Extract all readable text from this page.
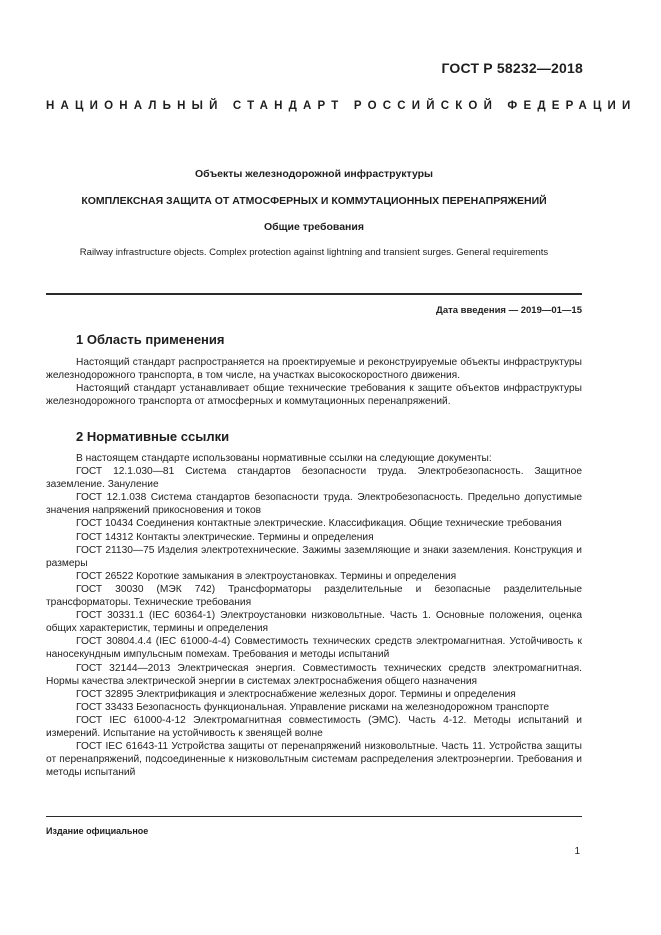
ГОСТ Р 58232—2018
НАЦИОНАЛЬНЫЙ СТАНДАРТ РОССИЙСКОЙ ФЕДЕРАЦИИ
Объекты железнодорожной инфраструктуры
КОМПЛЕКСНАЯ ЗАЩИТА ОТ АТМОСФЕРНЫХ И КОММУТАЦИОННЫХ ПЕРЕНАПРЯЖЕНИЙ
Общие требования
Railway infrastructure objects. Complex protection against lightning and transient surges. General requirements
Дата введения — 2019—01—15
1 Область применения

Настоящий стандарт распространяется на проектируемые и реконструируемые объекты инфраструктуры железнодорожного транспорта, в том числе, на участках высокоскоростного движения.

Настоящий стандарт устанавливает общие технические требования к защите объектов инфраструктуры железнодорожного транспорта от атмосферных и коммутационных перенапряжений.

2 Нормативные ссылки

В настоящем стандарте использованы нормативные ссылки на следующие документы:

ГОСТ 12.1.030—81 Система стандартов безопасности труда. Электробезопасность. Защитное заземление. Зануление

ГОСТ 12.1.038 Система стандартов безопасности труда. Электробезопасность. Предельно допустимые значения напряжений прикосновения и токов

ГОСТ 10434 Соединения контактные электрические. Классификация. Общие технические требования

ГОСТ 14312 Контакты электрические. Термины и определения

ГОСТ 21130—75 Изделия электротехнические. Зажимы заземляющие и знаки заземления. Конструкция и размеры

ГОСТ 26522 Короткие замыкания в электроустановках. Термины и определения

ГОСТ 30030 (МЭК 742) Трансформаторы разделительные и безопасные разделительные трансформаторы. Технические требования

ГОСТ 30331.1 (IEC 60364-1) Электроустановки низковольтные. Часть 1. Основные положения, оценка общих характеристик, термины и определения

ГОСТ 30804.4.4 (IEC 61000-4-4) Совместимость технических средств электромагнитная. Устойчивость к наносекундным импульсным помехам. Требования и методы испытаний

ГОСТ 32144—2013 Электрическая энергия. Совместимость технических средств электромагнитная. Нормы качества электрической энергии в системах электроснабжения общего назначения

ГОСТ 32895 Электрификация и электроснабжение железных дорог. Термины и определения

ГОСТ 33433 Безопасность функциональная. Управление рисками на железнодорожном транспорте

ГОСТ IEC 61000-4-12 Электромагнитная совместимость (ЭМС). Часть 4-12. Методы испытаний и измерений. Испытание на устойчивость к звенящей волне

ГОСТ IEC 61643-11 Устройства защиты от перенапряжений низковольтные. Часть 11. Устройства защиты от перенапряжений, подсоединенные к низковольтным системам распределения электроэнергии. Требования и методы испытаний

Издание официальное
1
